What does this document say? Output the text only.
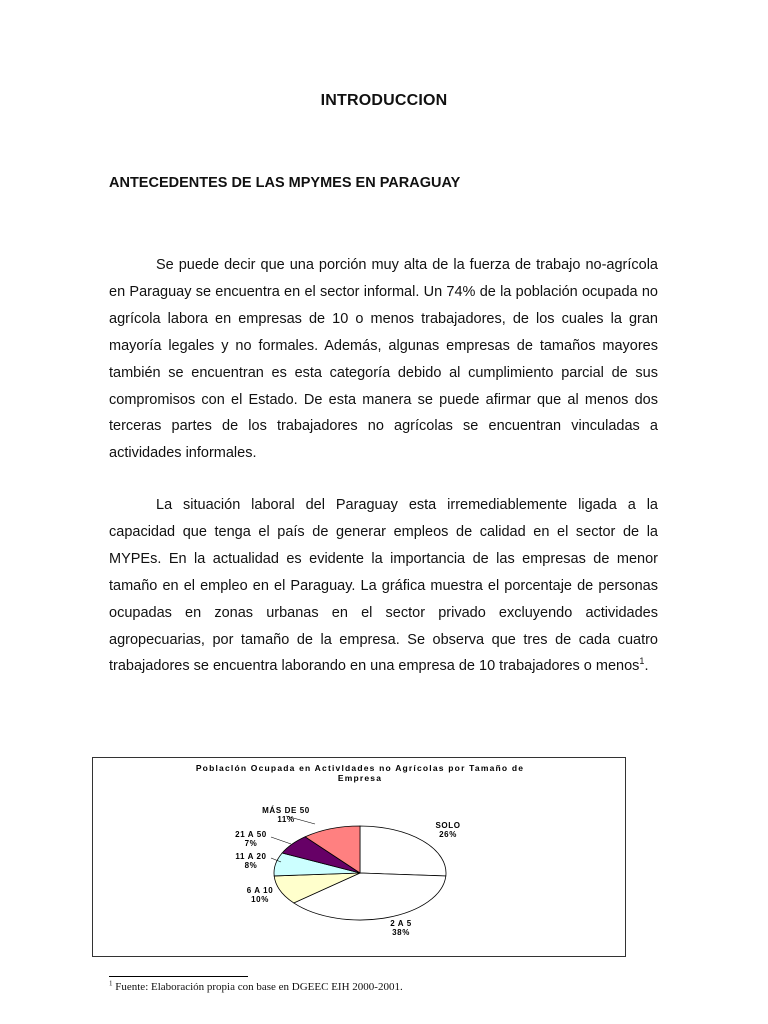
INTRODUCCION
ANTECEDENTES DE LAS MPYMES EN PARAGUAY

Se puede decir que una porción muy alta de la fuerza de trabajo no-agrícola en Paraguay se encuentra en el sector informal. Un 74% de la población ocupada no agrícola labora en empresas de 10 o menos trabajadores, de los cuales la gran mayoría legales y no formales. Además, algunas empresas de tamaños mayores también se encuentran es esta categoría debido al cumplimiento parcial de sus compromisos con el Estado. De esta manera se puede afirmar que al menos dos terceras partes de los trabajadores no agrícolas se encuentran vinculadas a actividades informales.

La situación laboral del Paraguay esta irremediablemente ligada a la capacidad que tenga el país de generar empleos de calidad en el sector de la MYPEs. En la actualidad es evidente la importancia de las empresas de menor tamaño en el empleo en el Paraguay. La gráfica muestra el porcentaje de personas ocupadas en zonas urbanas en el sector privado excluyendo actividades agropecuarias, por tamaño de la empresa. Se observa que tres de cada cuatro trabajadores se encuentra laborando en una empresa de 10 trabajadores o menos$^1$.

Poblaclón Ocupada en Activldades no Agrícolas por Tamaño de
Empresa
SOLO
26%
2 A 5
38%
6 A 10
10%
11 A 20
8%
21 A 50
7%
MÁS DE 50
11%
$^1$ Fuente: Elaboración propia con base en DGEEC EIH 2000-2001.
